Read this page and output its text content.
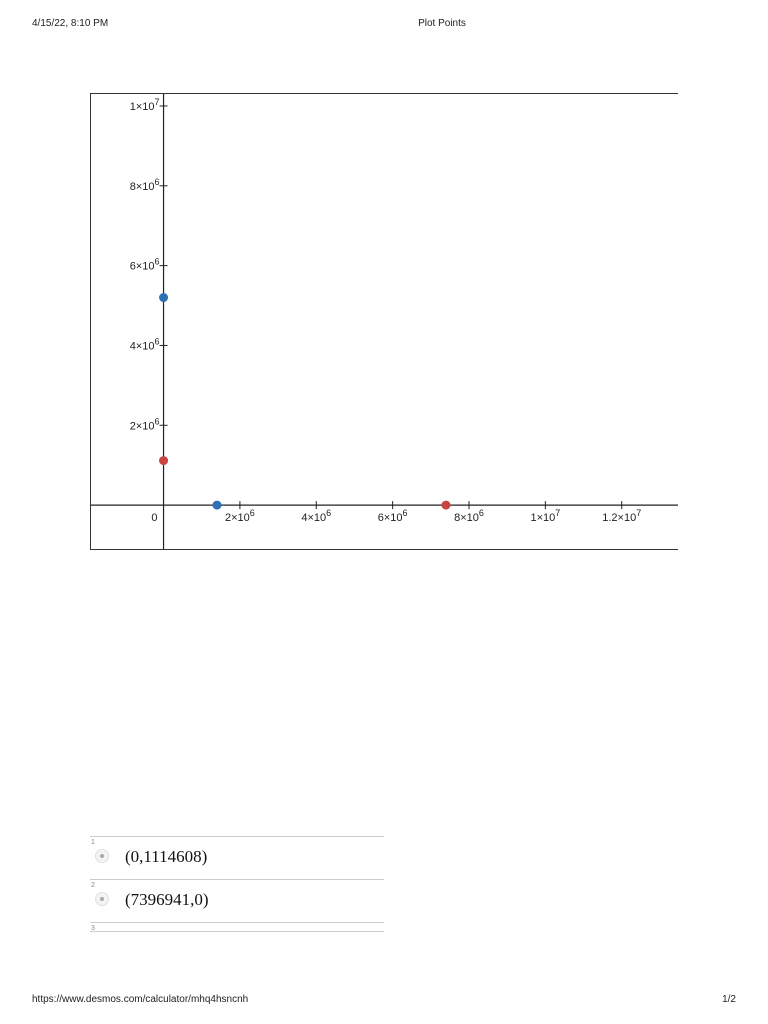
4/15/22, 8:10 PM	Plot Points
$2\times 10^6$	$4\times 10^6$	$6\times 10^6$	$8\times 10^6$	$1\times 10^7$	$1.2\times 10^7$
$2\times 10^6$
$4\times 10^6$
$6\times 10^6$
$8\times 10^6$
$1\times 10^7$
0
1
(0,1114608)
2
(7396941,0)
3
https://www.desmos.com/calculator/mhq4hsncnh	1/2
